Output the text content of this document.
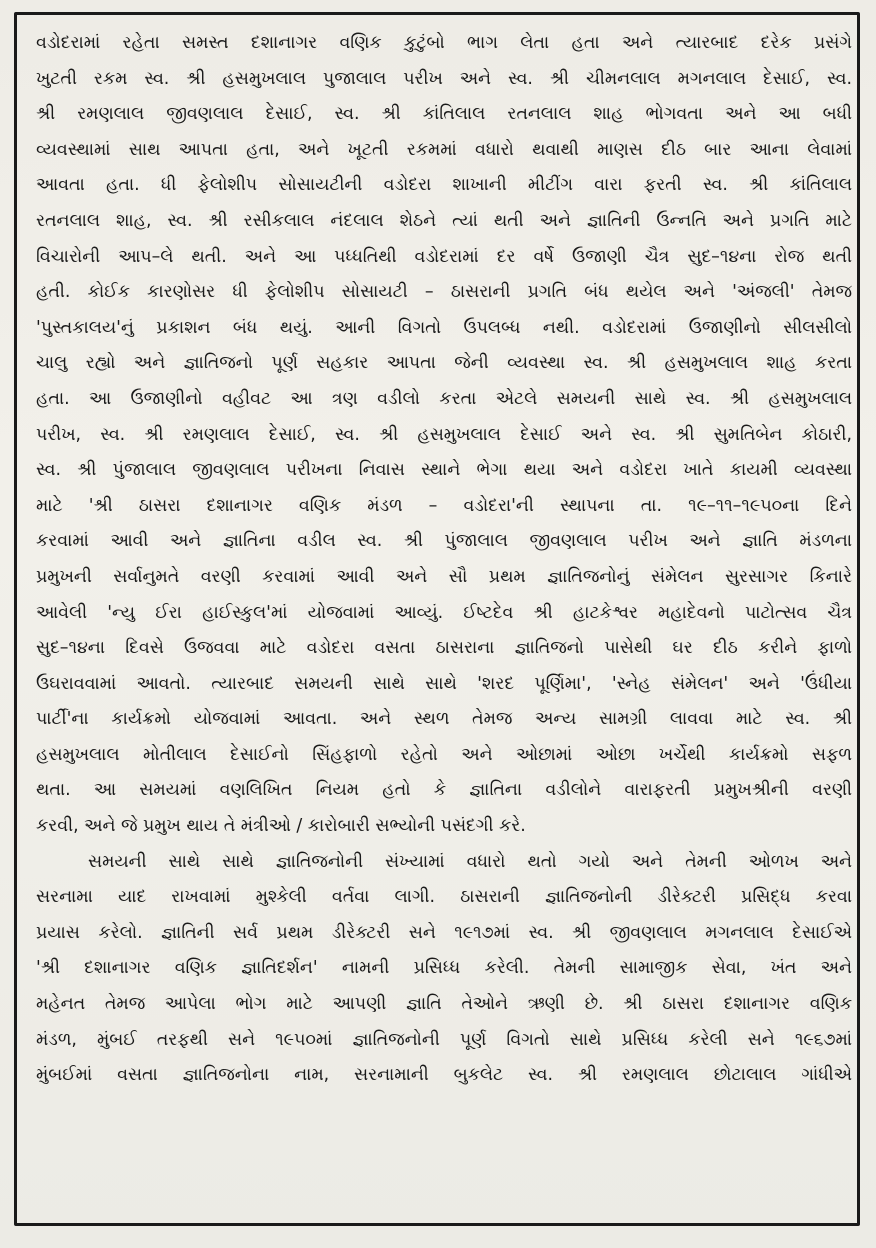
વડોદરામાં રહેતા સમસ્ત દશાનાગર વણિક કુટુંબો ભાગ લેતા હતા અને ત્યારબાદ દરેક પ્રસંગે
ખુટતી રકમ સ્વ. શ્રી હસમુખલાલ પુજાલાલ પરીખ અને સ્વ. શ્રી ચીમનલાલ મગનલાલ દેસાઈ, સ્વ.
શ્રી રમણલાલ જીવણલાલ દેસાઈ, સ્વ. શ્રી કાંતિલાલ રતનલાલ શાહ ભોગવતા અને આ બધી
વ્યવસ્થામાં સાથ આપતા હતા, અને ખૂટતી રકમમાં વધારો થવાથી માણસ દીઠ બાર આના લેવામાં
આવતા હતા. ધી ફેલોશીપ સોસાયટીની વડોદરા શાખાની મીટીંગ વારા ફરતી સ્વ. શ્રી કાંતિલાલ
રતનલાલ શાહ, સ્વ. શ્રી રસીકલાલ નંદલાલ શેઠને ત્યાં થતી અને જ્ઞાતિની ઉન્નતિ અને પ્રગતિ માટે
વિચારોની આપ–લે થતી. અને આ પધ્ધતિથી વડોદરામાં દર વર્ષે ઉજાણી ચૈત્ર સુદ–૧૪ના રોજ થતી
હતી. કોઈક કારણોસર ધી ફેલોશીપ સોસાયટી – ઠાસરાની પ્રગતિ બંધ થયેલ અને 'અંજલી' તેમજ
'પુસ્તકાલય'નું પ્રકાશન બંધ થયું. આની વિગતો ઉપલબ્ધ નથી. વડોદરામાં ઉજાણીનો સીલસીલો
ચાલુ રહ્યો અને જ્ઞાતિજનો પૂર્ણ સહકાર આપતા જેની વ્યવસ્થા સ્વ. શ્રી હસમુખલાલ શાહ કરતા
હતા. આ ઉજાણીનો વહીવટ આ ત્રણ વડીલો કરતા એટલે સમયની સાથે સ્વ. શ્રી હસમુખલાલ
પરીખ, સ્વ. શ્રી રમણલાલ દેસાઈ, સ્વ. શ્રી હસમુખલાલ દેસાઈ અને સ્વ. શ્રી સુમતિબેન કોઠારી,
સ્વ. શ્રી પુંજાલાલ જીવણલાલ પરીખના નિવાસ સ્થાને ભેગા થયા અને વડોદરા ખાતે કાયમી વ્યવસ્થા
માટે 'શ્રી ઠાસરા દશાનાગર વણિક મંડળ – વડોદરા'ની સ્થાપના તા. ૧૯–૧૧–૧૯૫૦ના દિને
કરવામાં આવી અને જ્ઞાતિના વડીલ સ્વ. શ્રી પુંજાલાલ જીવણલાલ પરીખ અને જ્ઞાતિ મંડળના
પ્રમુખની સર્વાનુમતે વરણી કરવામાં આવી અને સૌ પ્રથમ જ્ઞાતિજનોનું સંમેલન સુરસાગર કિનારે
આવેલી 'ન્યુ ઈરા હાઈસ્કુલ'માં યોજવામાં આવ્યું. ઈષ્ટદેવ શ્રી હાટકેશ્વર મહાદેવનો પાટોત્સવ ચૈત્ર
સુદ–૧૪ના દિવસે ઉજવવા માટે વડોદરા વસતા ઠાસરાના જ્ઞાતિજનો પાસેથી ઘર દીઠ કરીને ફાળો
ઉઘરાવવામાં આવતો. ત્યારબાદ સમયની સાથે સાથે 'શરદ પૂર્ણિમા', 'સ્નેહ સંમેલન' અને 'ઉંધીયા
પાર્ટી'ના કાર્યક્રમો યોજવામાં આવતા. અને સ્થળ તેમજ અન્ય સામગ્રી લાવવા માટે સ્વ. શ્રી
હસમુખલાલ મોતીલાલ દેસાઈનો સિંહફાળો રહેતો અને ઓછામાં ઓછા ખર્ચેથી કાર્યક્રમો સફળ
થતા. આ સમયમાં વણલિખિત નિયમ હતો કે જ્ઞાતિના વડીલોને વારાફરતી પ્રમુખશ્રીની વરણી
કરવી, અને જે પ્રમુખ થાય તે મંત્રીઓ / કારોબારી સભ્યોની પસંદગી કરે.
સમયની સાથે સાથે જ્ઞાતિજનોની સંખ્યામાં વધારો થતો ગયો અને તેમની ઓળખ અને
સરનામા યાદ રાખવામાં મુશ્કેલી વર્તવા લાગી. ઠાસરાની જ્ઞાતિજનોની ડીરેક્ટરી પ્રસિદ્ધ કરવા
પ્રયાસ કરેલો. જ્ઞાતિની સર્વ પ્રથમ ડીરેક્ટરી સને ૧૯૧૭માં સ્વ. શ્રી જીવણલાલ મગનલાલ દેસાઈએ
'શ્રી દશાનાગર વણિક જ્ઞાતિદર્શન' નામની પ્રસિધ્ધ કરેલી. તેમની સામાજીક સેવા, ખંત અને
મહેનત તેમજ આપેલા ભોગ માટે આપણી જ્ઞાતિ તેઓને ઋણી છે. શ્રી ઠાસરા દશાનાગર વણિક
મંડળ, મુંબઈ તરફથી સને ૧૯૫૦માં જ્ઞાતિજનોની પૂર્ણ વિગતો સાથે પ્રસિધ્ધ કરેલી સને ૧૯૬૭માં
મુંબઈમાં વસતા જ્ઞાતિજનોના નામ, સરનામાની બુકલેટ સ્વ. શ્રી રમણલાલ છોટાલાલ ગાંધીએ
